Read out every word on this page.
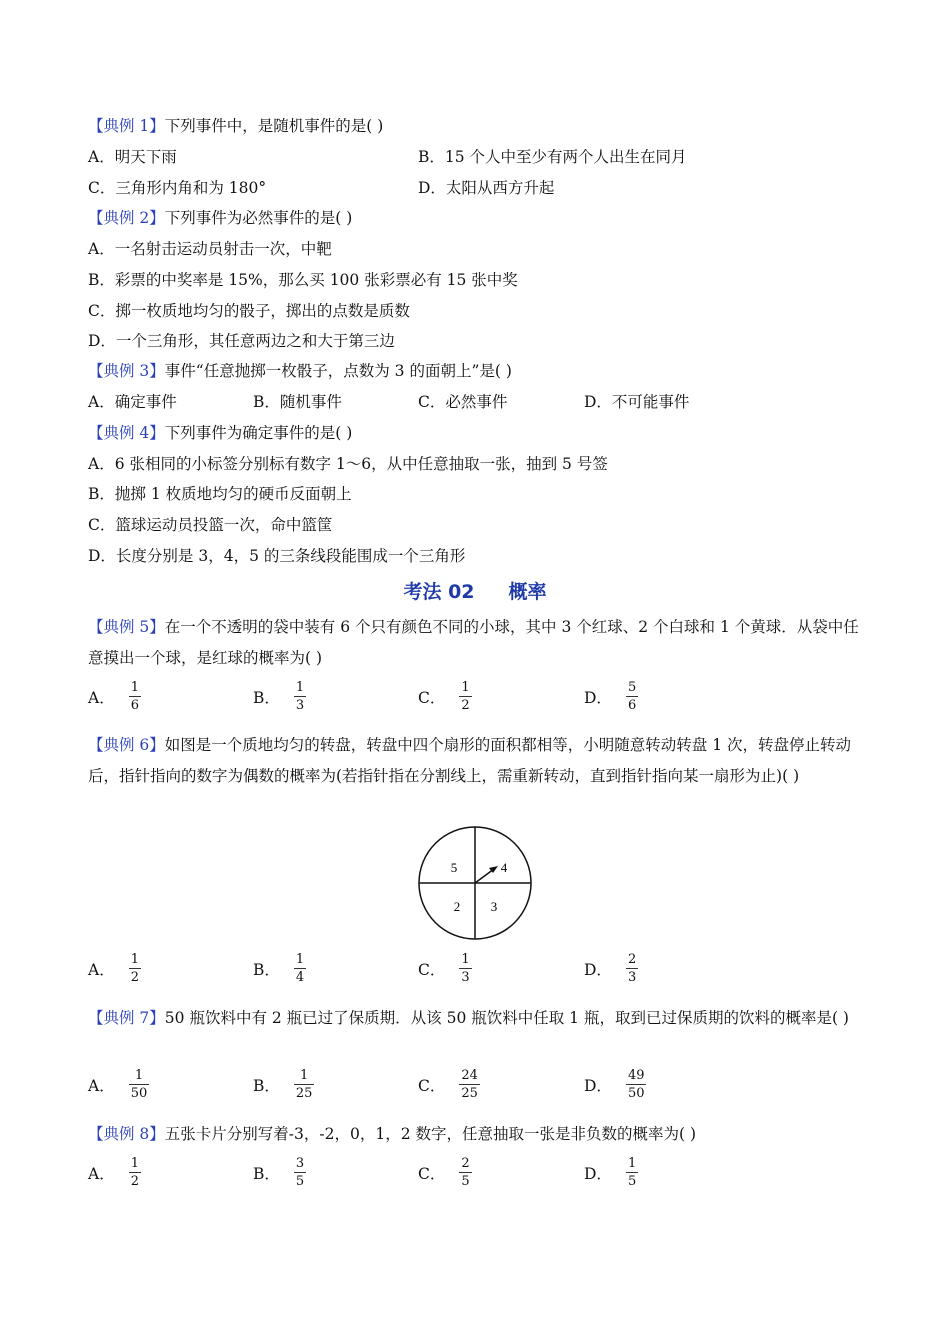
【典例 1】下列事件中，是随机事件的是( )
A．明天下雨	B．15 个人中至少有两个人出生在同月
C．三角形内角和为 180°	D．太阳从西方升起
【典例 2】下列事件为必然事件的是( )
A．一名射击运动员射击一次，中靶
B．彩票的中奖率是 15%，那么买 100 张彩票必有 15 张中奖
C．掷一枚质地均匀的骰子，掷出的点数是质数
D．一个三角形，其任意两边之和大于第三边
【典例 3】事件“任意抛掷一枚骰子，点数为 3 的面朝上”是( )
A．确定事件	B．随机事件	C．必然事件	D．不可能事件
【典例 4】下列事件为确定事件的是( )
A．6 张相同的小标签分别标有数字 1～6，从中任意抽取一张，抽到 5 号签
B．抛掷 1 枚质地均匀的硬币反面朝上
C．篮球运动员投篮一次，命中篮筐
D．长度分别是 3，4，5 的三条线段能围成一个三角形
考法 02 概率
【典例 5】在一个不透明的袋中装有 6 个只有颜色不同的小球，其中 3 个红球、2 个白球和 1 个黄球．从袋中任意摸出一个球，是红球的概率为( )
A． $\frac{1}{6}$	B． $\frac{1}{3}$	C． $\frac{1}{2}$	D． $\frac{5}{6}$
【典例 6】如图是一个质地均匀的转盘，转盘中四个扇形的面积都相等，小明随意转动转盘 1 次，转盘停止转动后，指针指向的数字为偶数的概率为(若指针指在分割线上，需重新转动，直到指针指向某一扇形为止)( )
5	4
2 3
A． $\frac{1}{2}$	B． $\frac{1}{4}$	C． $\frac{1}{3}$	D． $\frac{2}{3}$
【典例 7】50 瓶饮料中有 2 瓶已过了保质期．从该 50 瓶饮料中任取 1 瓶，取到已过保质期的饮料的概率是( )
A． $\frac{1}{50}$	B． $\frac{1}{25}$	C． $\frac{24}{25}$	D． $\frac{49}{50}$
【典例 8】五张卡片分别写着-3，-2，0，1，2 数字，任意抽取一张是非负数的概率为( )
A． $\frac{1}{2}$	B． $\frac{3}{5}$	C． $\frac{2}{5}$	D． $\frac{1}{5}$
